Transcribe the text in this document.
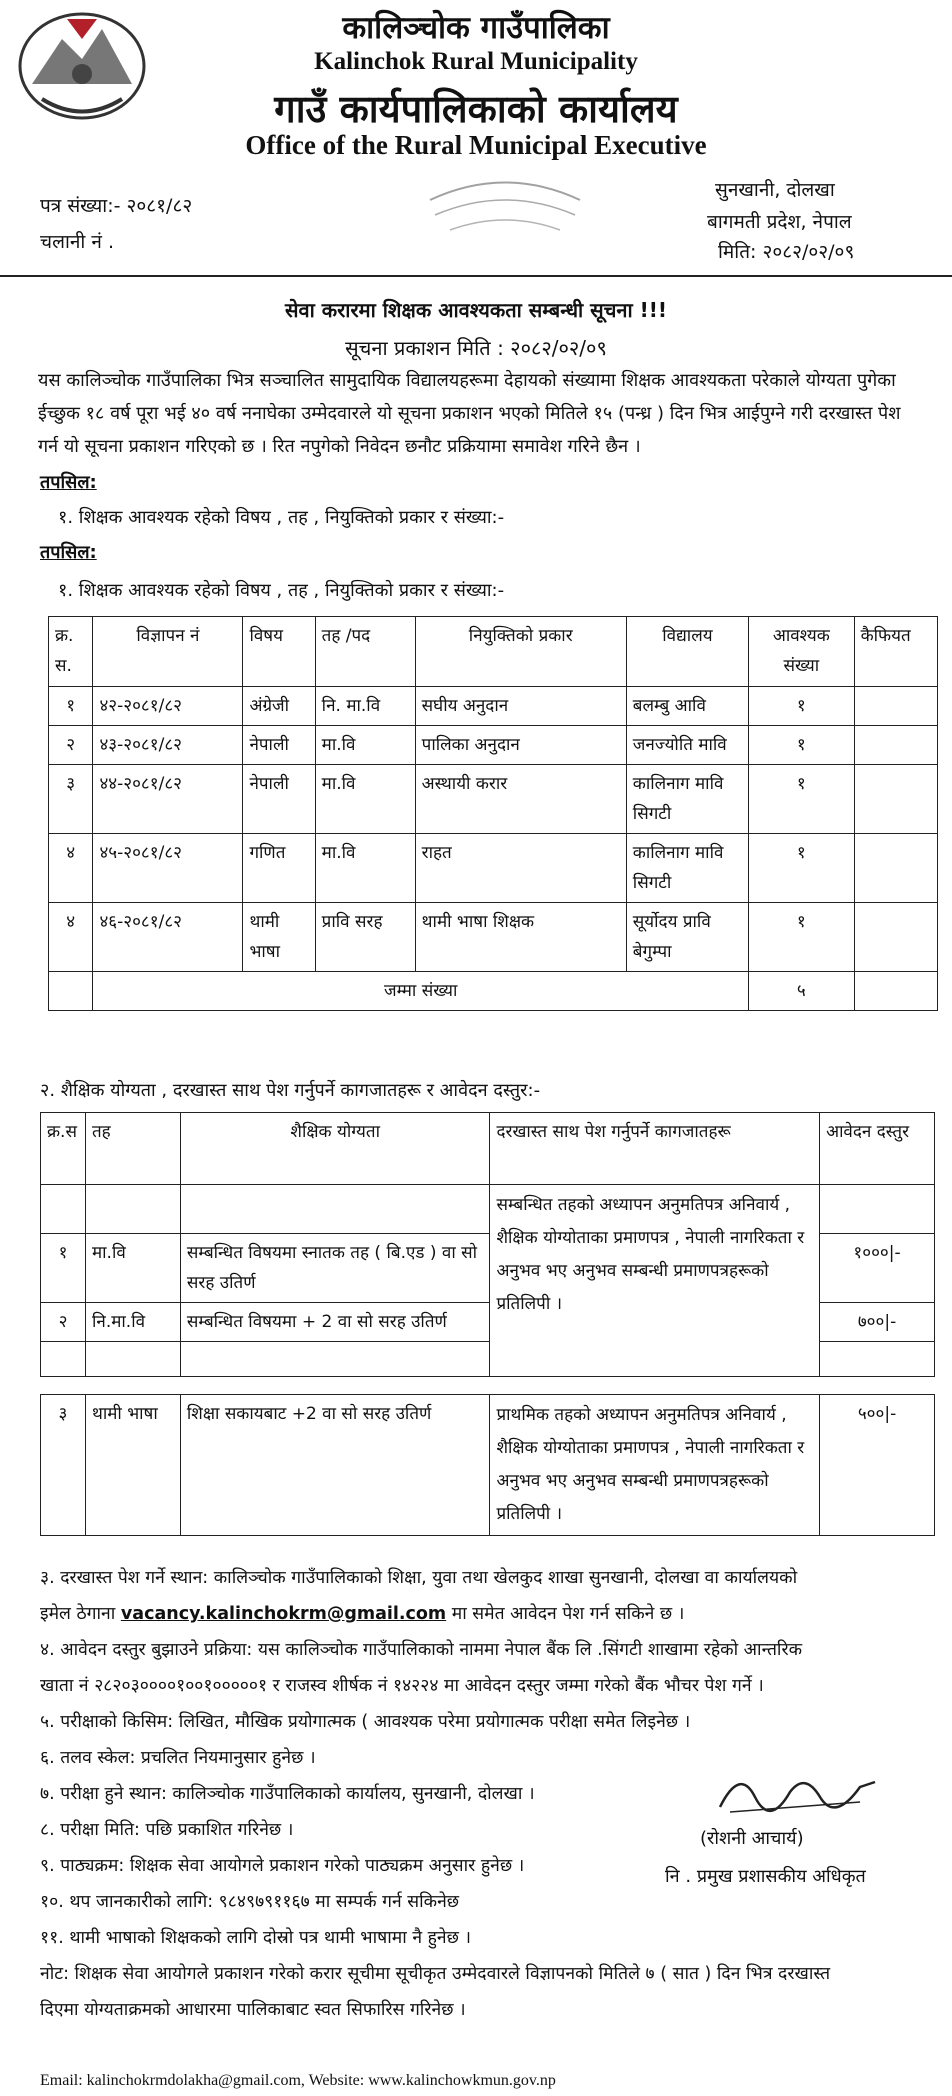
कालिञ्चोक गाउँपालिका
Kalinchok Rural Municipality
गाउँ कार्यपालिकाको कार्यालय
Office of the Rural Municipal Executive
पत्र संख्या:- २०८१/८२
चलानी नं .
सुनखानी, दोलखा
बागमती प्रदेश, नेपाल
मिति: २०८२/०२/०९
सेवा करारमा शिक्षक आवश्यकता सम्बन्धी सूचना !!!
सूचना प्रकाशन मिति : २०८२/०२/०९
यस कालिञ्चोक गाउँपालिका भित्र सञ्चालित सामुदायिक विद्यालयहरूमा देहायको संख्यामा शिक्षक आवश्यकता परेकाले योग्यता पुगेका ईच्छुक १८ वर्ष पूरा भई ४० वर्ष ननाघेका उम्मेदवारले यो सूचना प्रकाशन भएको मितिले १५ (पन्ध्र ) दिन भित्र आईपुग्ने गरी दरखास्त पेश गर्न यो सूचना प्रकाशन गरिएको छ । रित नपुगेको निवेदन छनौट प्रक्रियामा समावेश गरिने छैन ।
तपसिल:
१. शिक्षक आवश्यक रहेको विषय , तह , नियुक्तिको प्रकार र संख्या:-
तपसिल:
१. शिक्षक आवश्यक रहेको विषय , तह , नियुक्तिको प्रकार र संख्या:-
क्र. स.	विज्ञापन नं	विषय	तह /पद	नियुक्तिको प्रकार	विद्यालय	आवश्यक संख्या	कैफियत
१	४२-२०८१/८२	अंग्रेजी	नि. मा.वि	सघीय अनुदान	बलम्बु आवि	१	
२	४३-२०८१/८२	नेपाली	मा.वि	पालिका अनुदान	जनज्योति मावि	१	
३	४४-२०८१/८२	नेपाली	मा.वि	अस्थायी करार	कालिनाग मावि सिगटी	१	
४	४५-२०८१/८२	गणित	मा.वि	राहत	कालिनाग मावि सिगटी	१	
४	४६-२०८१/८२	थामी भाषा	प्रावि सरह	थामी भाषा शिक्षक	सूर्योदय प्रावि बेगुम्पा	१	
	जम्मा संख्या					५	
२. शैक्षिक योग्यता , दरखास्त साथ पेश गर्नुपर्ने कागजातहरू र आवेदन दस्तुर:-
क्र.स	तह	शैक्षिक योग्यता	दरखास्त साथ पेश गर्नुपर्ने कागजातहरू	आवेदन दस्तुर
			सम्बन्धित तहको अध्यापन अनुमतिपत्र अनिवार्य , शैक्षिक योग्योताका प्रमाणपत्र , नेपाली नागरिकता र अनुभव भए अनुभव सम्बन्धी प्रमाणपत्रहरूको प्रतिलिपी ।	
१	मा.वि	सम्बन्धित विषयमा स्नातक तह ( बि.एड ) वा सो सरह उतिर्ण		१०००|-
२	नि.मा.वि	सम्बन्धित विषयमा + 2 वा सो सरह उतिर्ण		७००|-

३	थामी भाषा	शिक्षा सकायबाट +2 वा सो सरह उतिर्ण	प्राथमिक तहको अध्यापन अनुमतिपत्र अनिवार्य , शैक्षिक योग्योताका प्रमाणपत्र , नेपाली नागरिकता र अनुभव भए अनुभव सम्बन्धी प्रमाणपत्रहरूको प्रतिलिपी ।	५००|-
३. दरखास्त पेश गर्ने स्थान: कालिञ्चोक गाउँपालिकाको शिक्षा, युवा तथा खेलकुद शाखा सुनखानी, दोलखा वा कार्यालयको
इमेल ठेगाना vacancy.kalinchokrm@gmail.com मा समेत आवेदन पेश गर्न सकिने छ ।
४. आवेदन दस्तुर बुझाउने प्रक्रिया: यस कालिञ्चोक गाउँपालिकाको नाममा नेपाल बैंक लि .सिंगटी शाखामा रहेको आन्तरिक
खाता नं २८२०३००००१००१०००००१ र राजस्व शीर्षक नं १४२२४ मा आवेदन दस्तुर जम्मा गरेको बैंक भौचर पेश गर्ने ।
५. परीक्षाको किसिम: लिखित, मौखिक प्रयोगात्मक ( आवश्यक परेमा प्रयोगात्मक परीक्षा समेत लिइनेछ ।
६. तलव स्केल: प्रचलित नियमानुसार हुनेछ ।
७. परीक्षा हुने स्थान: कालिञ्चोक गाउँपालिकाको कार्यालय, सुनखानी, दोलखा ।
८. परीक्षा मिति: पछि प्रकाशित गरिनेछ ।
९. पाठ्यक्रम: शिक्षक सेवा आयोगले प्रकाशन गरेको पाठ्यक्रम अनुसार हुनेछ ।
१०. थप जानकारीको लागि: ९८४९७९११६७ मा सम्पर्क गर्न सकिनेछ
११. थामी भाषाको शिक्षकको लागि दोस्रो पत्र थामी भाषामा नै हुनेछ ।
नोट: शिक्षक सेवा आयोगले प्रकाशन गरेको करार सूचीमा सूचीकृत उम्मेदवारले विज्ञापनको मितिले ७ ( सात ) दिन भित्र दरखास्त
दिएमा योग्यताक्रमको आधारमा पालिकाबाट स्वत सिफारिस गरिनेछ ।
(रोशनी आचार्य)
नि . प्रमुख प्रशासकीय अधिकृत
Email: kalinchokrmdolakha@gmail.com, Website: www.kalinchowkmun.gov.np
